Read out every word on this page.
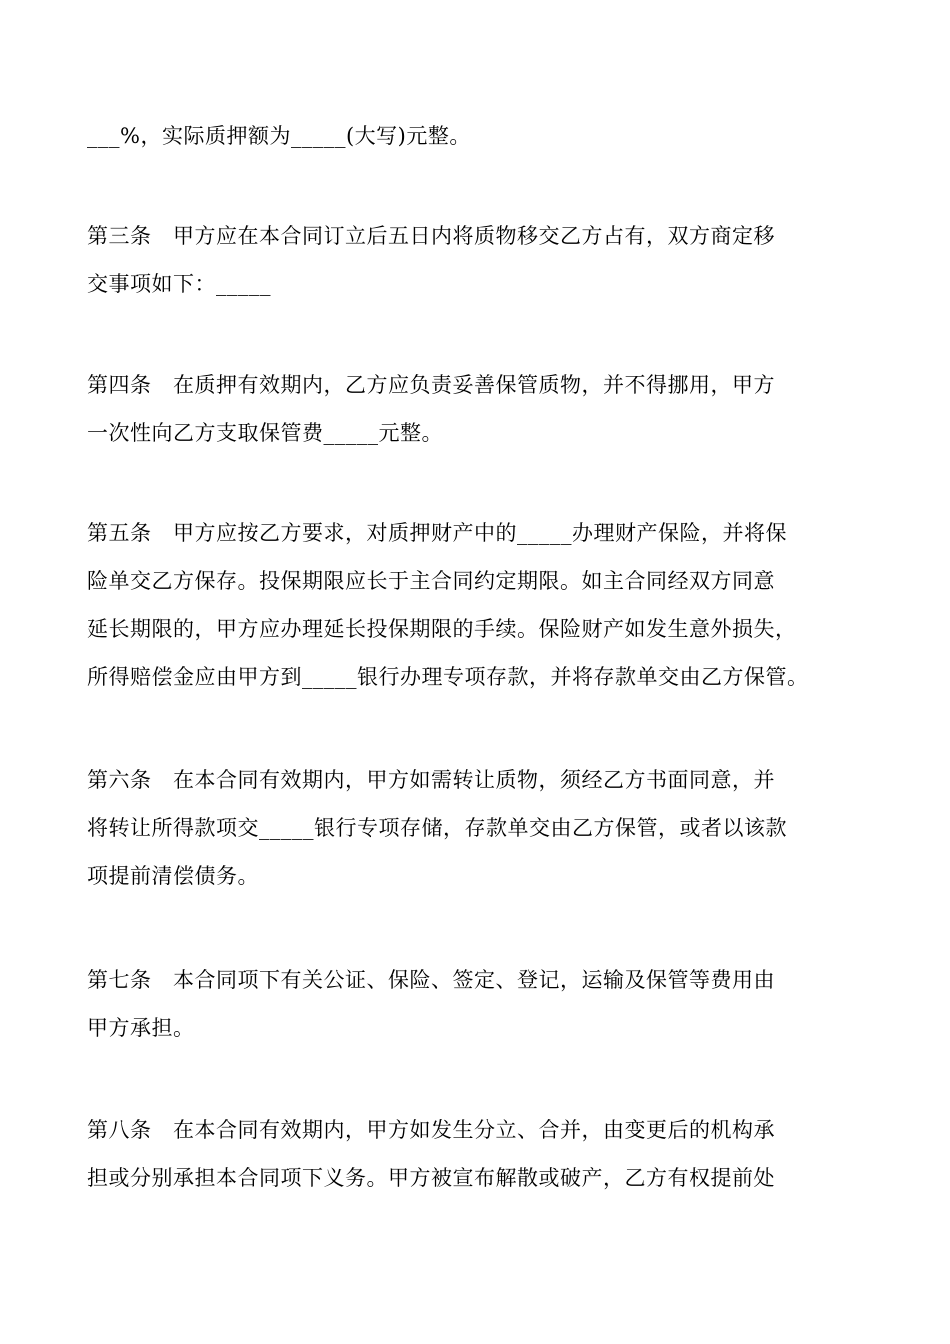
___%，实际质押额为_____(大写)元整。

第三条　甲方应在本合同订立后五日内将质物移交乙方占有，双方商定移
交事项如下：_____

第四条　在质押有效期内，乙方应负责妥善保管质物，并不得挪用，甲方
一次性向乙方支取保管费_____元整。

第五条　甲方应按乙方要求，对质押财产中的_____办理财产保险，并将保
险单交乙方保存。投保期限应长于主合同约定期限。如主合同经双方同意
延长期限的，甲方应办理延长投保期限的手续。保险财产如发生意外损失，
所得赔偿金应由甲方到_____银行办理专项存款，并将存款单交由乙方保管。

第六条　在本合同有效期内，甲方如需转让质物，须经乙方书面同意，并
将转让所得款项交_____银行专项存储，存款单交由乙方保管，或者以该款
项提前清偿债务。

第七条　本合同项下有关公证、保险、签定、登记，运输及保管等费用由
甲方承担。

第八条　在本合同有效期内，甲方如发生分立、合并，由变更后的机构承
担或分别承担本合同项下义务。甲方被宣布解散或破产，乙方有权提前处
